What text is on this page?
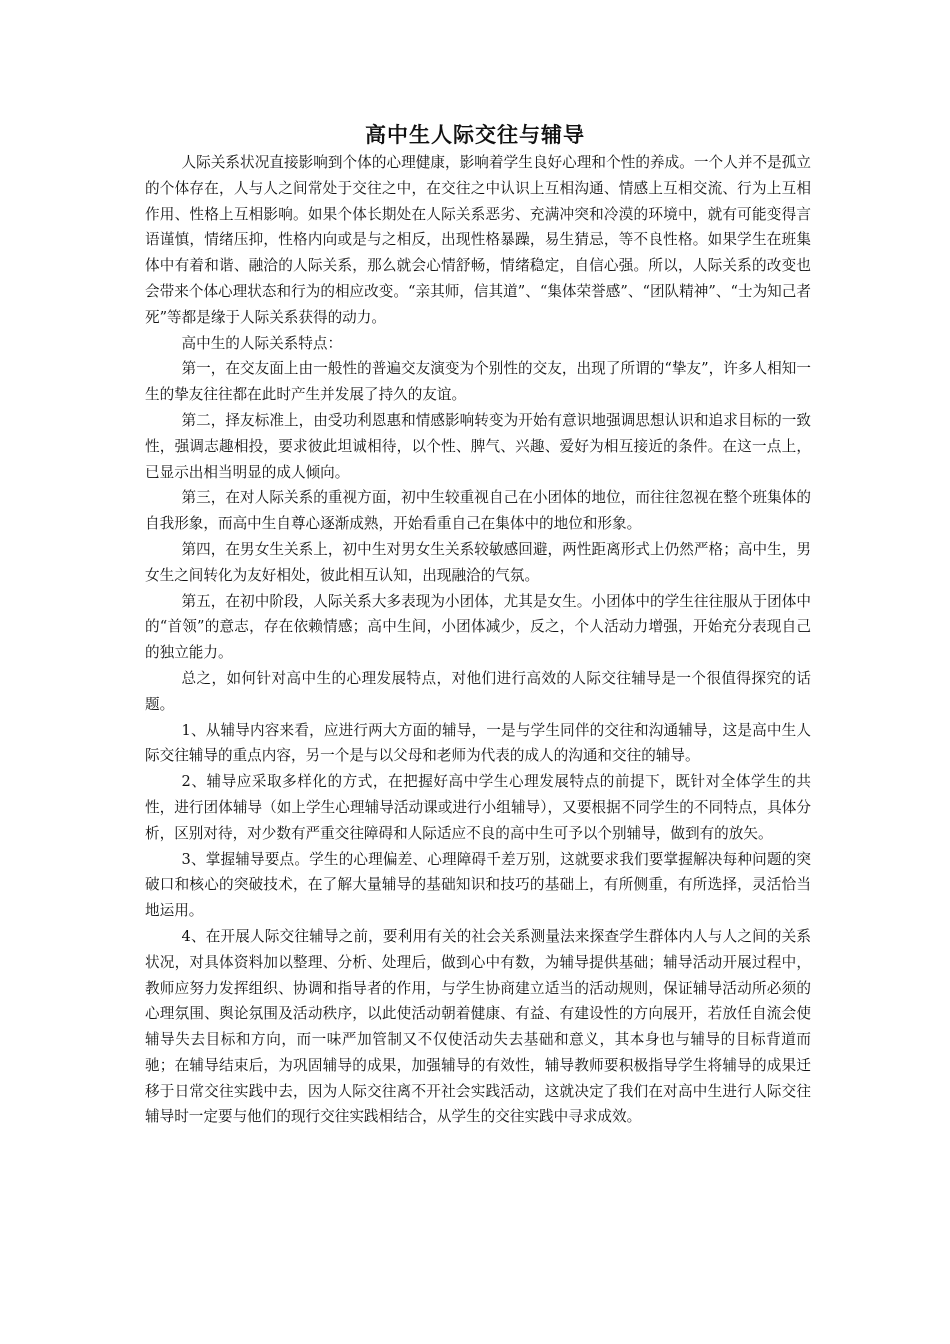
高中生人际交往与辅导

人际关系状况直接影响到个体的心理健康，影响着学生良好心理和个性的养成。一个人并不是孤立的个体存在，人与人之间常处于交往之中，在交往之中认识上互相沟通、情感上互相交流、行为上互相作用、性格上互相影响。如果个体长期处在人际关系恶劣、充满冲突和冷漠的环境中，就有可能变得言语谨慎，情绪压抑，性格内向或是与之相反，出现性格暴躁，易生猜忌，等不良性格。如果学生在班集体中有着和谐、融洽的人际关系，那么就会心情舒畅，情绪稳定，自信心强。所以，人际关系的改变也会带来个体心理状态和行为的相应改变。“亲其师，信其道”、“集体荣誉感”、“团队精神”、“士为知己者死”等都是缘于人际关系获得的动力。

高中生的人际关系特点：

第一，在交友面上由一般性的普遍交友演变为个别性的交友，出现了所谓的“挚友”，许多人相知一生的挚友往往都在此时产生并发展了持久的友谊。

第二，择友标准上，由受功利恩惠和情感影响转变为开始有意识地强调思想认识和追求目标的一致性，强调志趣相投，要求彼此坦诚相待，以个性、脾气、兴趣、爱好为相互接近的条件。在这一点上，已显示出相当明显的成人倾向。

第三，在对人际关系的重视方面，初中生较重视自己在小团体的地位，而往往忽视在整个班集体的自我形象，而高中生自尊心逐渐成熟，开始看重自己在集体中的地位和形象。

第四，在男女生关系上，初中生对男女生关系较敏感回避，两性距离形式上仍然严格；高中生，男女生之间转化为友好相处，彼此相互认知，出现融洽的气氛。

第五，在初中阶段，人际关系大多表现为小团体，尤其是女生。小团体中的学生往往服从于团体中的“首领”的意志，存在依赖情感；高中生间，小团体减少，反之，个人活动力增强，开始充分表现自己的独立能力。

总之，如何针对高中生的心理发展特点，对他们进行高效的人际交往辅导是一个很值得探究的话题。

1、从辅导内容来看，应进行两大方面的辅导，一是与学生同伴的交往和沟通辅导，这是高中生人际交往辅导的重点内容，另一个是与以父母和老师为代表的成人的沟通和交往的辅导。

2、辅导应采取多样化的方式，在把握好高中学生心理发展特点的前提下，既针对全体学生的共性，进行团体辅导（如上学生心理辅导活动课或进行小组辅导），又要根据不同学生的不同特点，具体分析，区别对待，对少数有严重交往障碍和人际适应不良的高中生可予以个别辅导，做到有的放矢。

3、掌握辅导要点。学生的心理偏差、心理障碍千差万别，这就要求我们要掌握解决每种问题的突破口和核心的突破技术，在了解大量辅导的基础知识和技巧的基础上，有所侧重，有所选择，灵活恰当地运用。

4、在开展人际交往辅导之前，要利用有关的社会关系测量法来探查学生群体内人与人之间的关系状况，对具体资料加以整理、分析、处理后，做到心中有数，为辅导提供基础；辅导活动开展过程中，教师应努力发挥组织、协调和指导者的作用，与学生协商建立适当的活动规则，保证辅导活动所必须的心理氛围、舆论氛围及活动秩序，以此使活动朝着健康、有益、有建设性的方向展开，若放任自流会使辅导失去目标和方向，而一味严加管制又不仅使活动失去基础和意义，其本身也与辅导的目标背道而驰；在辅导结束后，为巩固辅导的成果，加强辅导的有效性，辅导教师要积极指导学生将辅导的成果迁移于日常交往实践中去，因为人际交往离不开社会实践活动，这就决定了我们在对高中生进行人际交往辅导时一定要与他们的现行交往实践相结合，从学生的交往实践中寻求成效。
